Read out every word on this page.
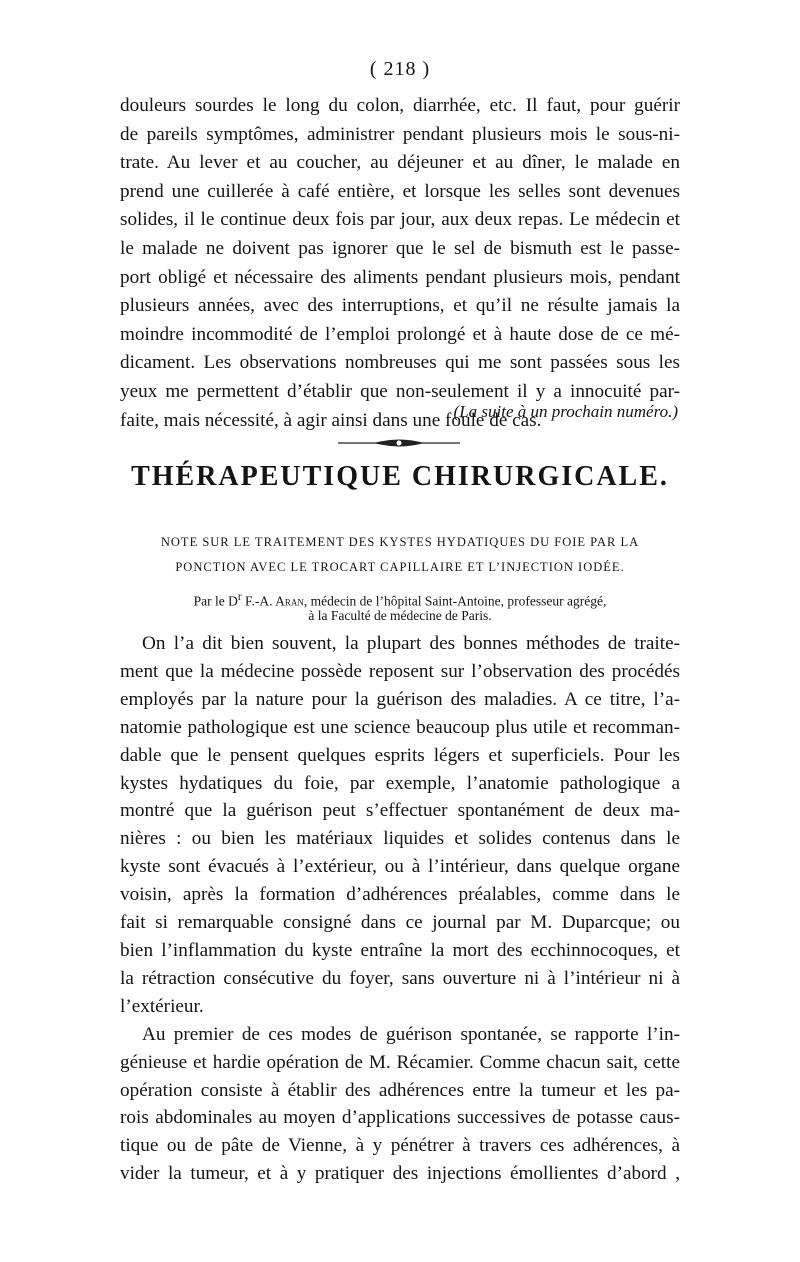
( 218 )

douleurs sourdes le long du colon, diarrhée, etc. Il faut, pour guérir

de pareils symptômes, administrer pendant plusieurs mois le sous-ni-

trate. Au lever et au coucher, au déjeuner et au dîner, le malade en

prend une cuillerée à café entière, et lorsque les selles sont devenues

solides, il le continue deux fois par jour, aux deux repas. Le médecin et

le malade ne doivent pas ignorer que le sel de bismuth est le passe-

port obligé et nécessaire des aliments pendant plusieurs mois, pendant

plusieurs années, avec des interruptions, et qu’il ne résulte jamais la

moindre incommodité de l’emploi prolongé et à haute dose de ce mé-

dicament. Les observations nombreuses qui me sont passées sous les

yeux me permettent d’établir que non-seulement il y a innocuité par-

faite, mais nécessité, à agir ainsi dans une foule de cas.

(La suite à un prochain numéro.)
THÉRAPEUTIQUE CHIRURGICALE.
NOTE SUR LE TRAITEMENT DES KYSTES HYDATIQUES DU FOIE PAR LA
PONCTION AVEC LE TROCART CAPILLAIRE ET L’INJECTION IODÉE.
Par le $D^r$ F.-A. Aran, médecin de l’hôpital Saint-Antoine, professeur agrégé,
à la Faculté de médecine de Paris.

On l’a dit bien souvent, la plupart des bonnes méthodes de traite-

ment que la médecine possède reposent sur l’observation des procédés

employés par la nature pour la guérison des maladies. A ce titre, l’a-

natomie pathologique est une science beaucoup plus utile et recomman-

dable que le pensent quelques esprits légers et superficiels. Pour les

kystes hydatiques du foie, par exemple, l’anatomie pathologique a

montré que la guérison peut s’effectuer spontanément de deux ma-

nières : ou bien les matériaux liquides et solides contenus dans le

kyste sont évacués à l’extérieur, ou à l’intérieur, dans quelque organe

voisin, après la formation d’adhérences préalables, comme dans le

fait si remarquable consigné dans ce journal par M. Duparcque; ou

bien l’inflammation du kyste entraîne la mort des ecchinnocoques, et

la rétraction consécutive du foyer, sans ouverture ni à l’intérieur ni à

l’extérieur.

Au premier de ces modes de guérison spontanée, se rapporte l’in-

génieuse et hardie opération de M. Récamier. Comme chacun sait, cette

opération consiste à établir des adhérences entre la tumeur et les pa-

rois abdominales au moyen d’applications successives de potasse caus-

tique ou de pâte de Vienne, à y pénétrer à travers ces adhérences, à

vider la tumeur, et à y pratiquer des injections émollientes d’abord ,
